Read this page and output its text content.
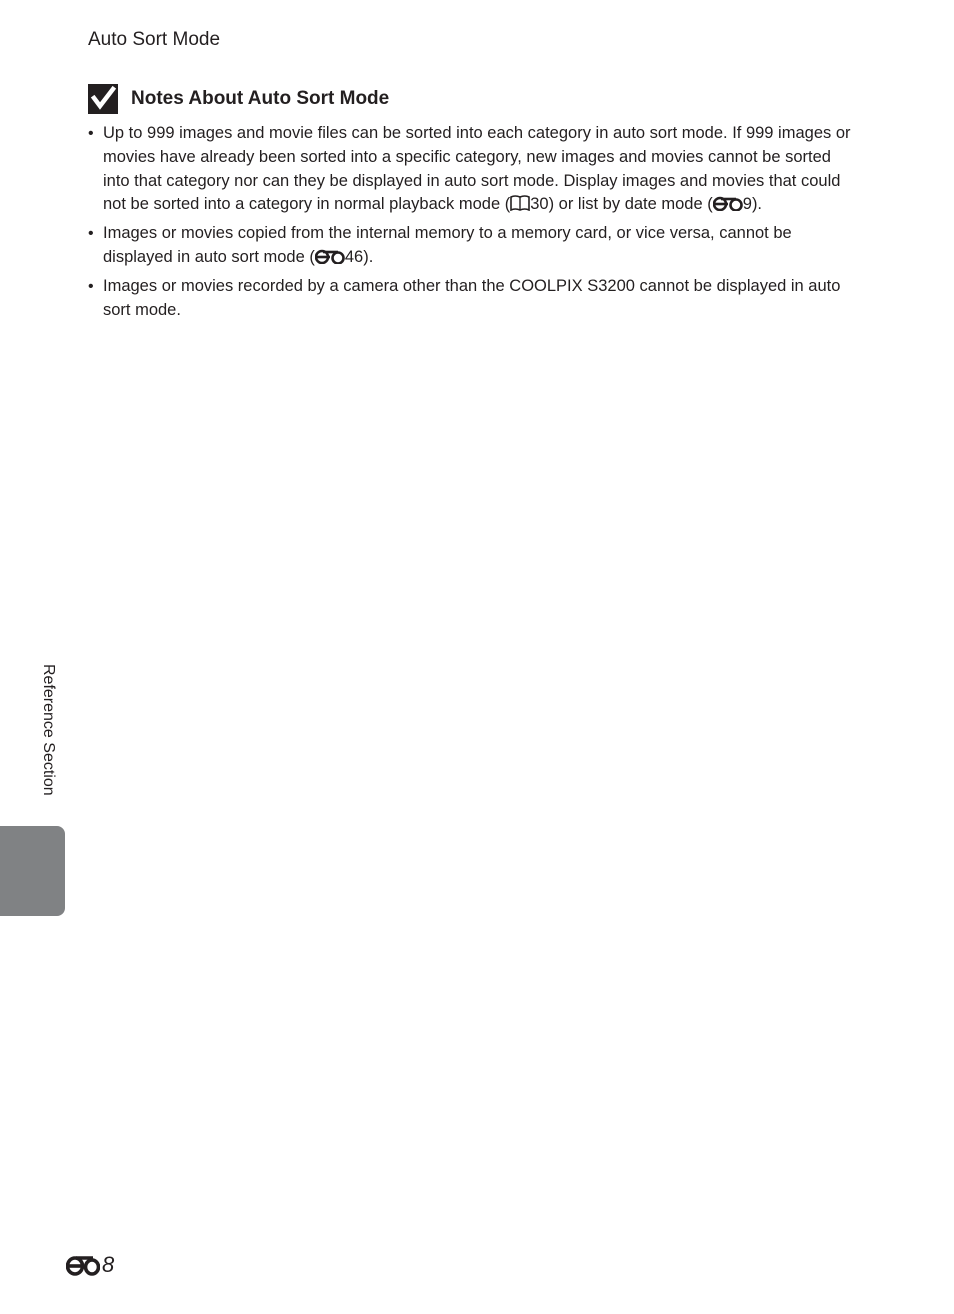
Auto Sort Mode
Notes About Auto Sort Mode
• Up to 999 images and movie files can be sorted into each category in auto sort mode. If 999 images or movies have already been sorted into a specific category, new images and movies cannot be sorted into that category nor can they be displayed in auto sort mode. Display images and movies that could not be sorted into a category in normal playback mode ( 30) or list by date mode ( 9).
• Images or movies copied from the internal memory to a memory card, or vice versa, cannot be displayed in auto sort mode ( 46).
• Images or movies recorded by a camera other than the COOLPIX S3200 cannot be displayed in auto sort mode.
Reference Section
8
